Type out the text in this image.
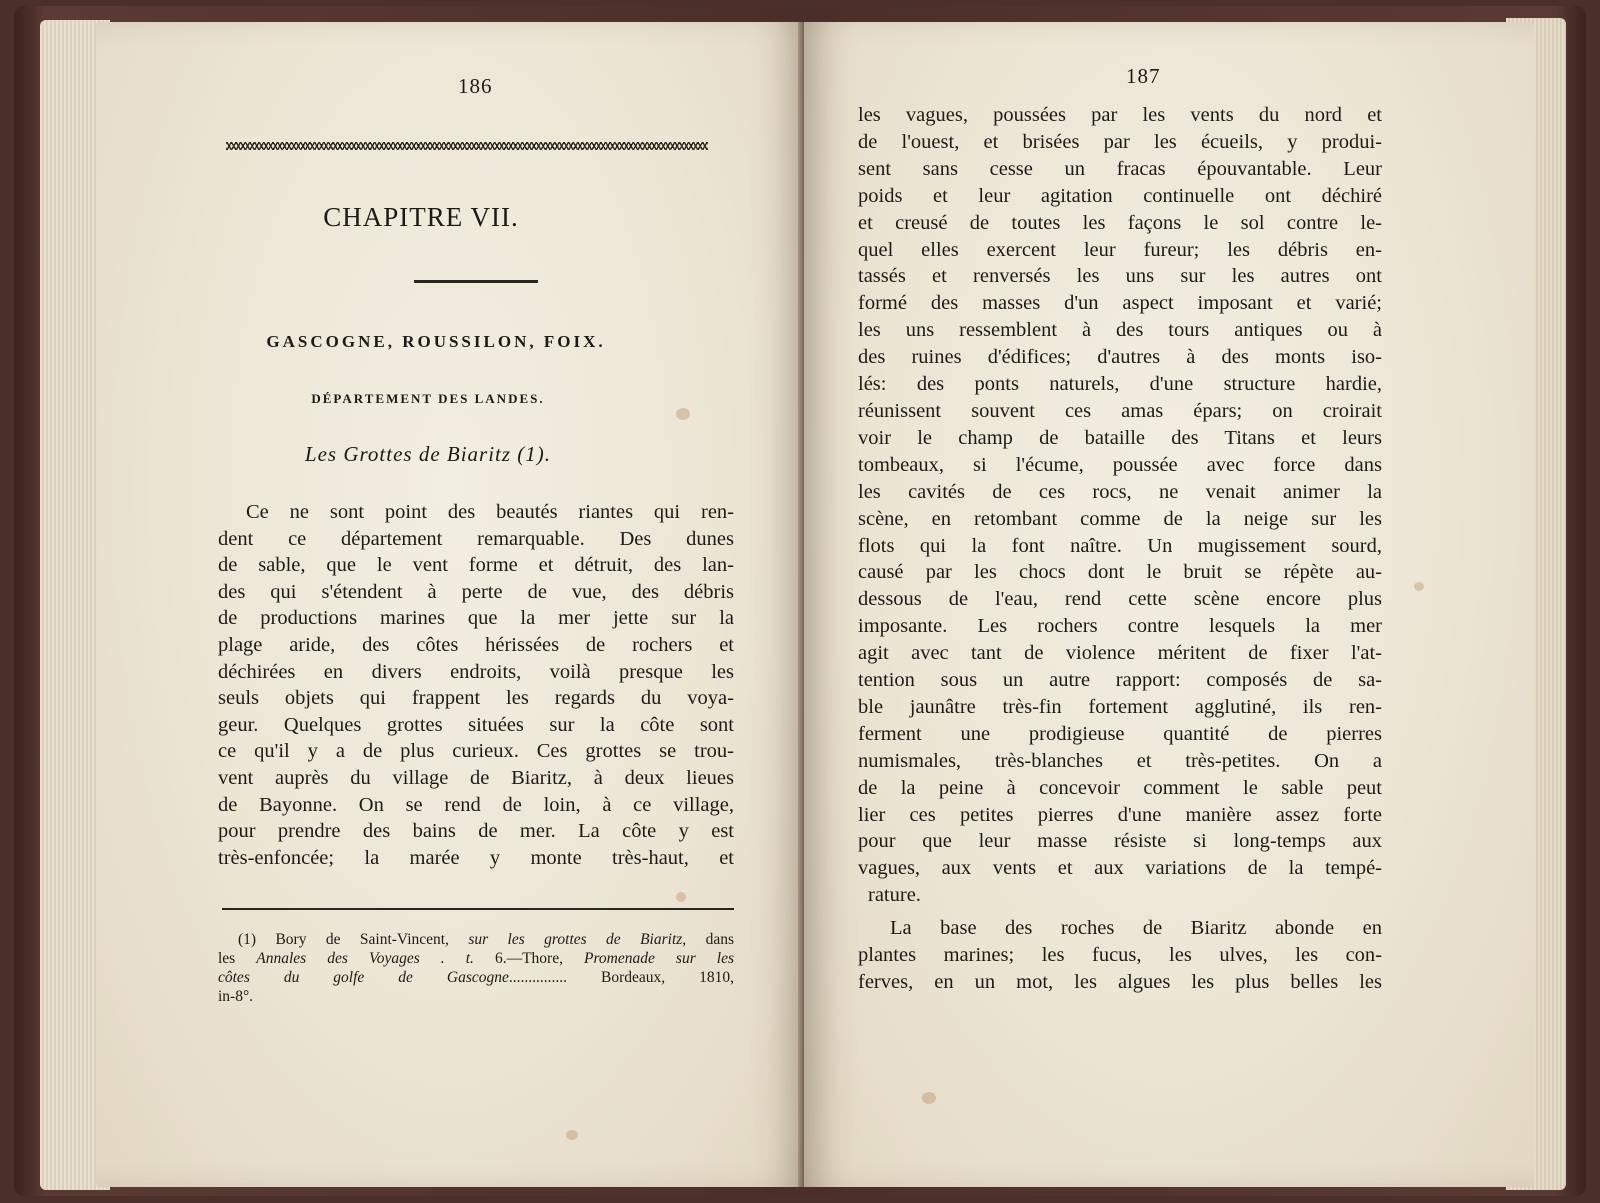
186
CHAPITRE VII.
GASCOGNE, ROUSSILON, FOIX.
DÉPARTEMENT DES LANDES.
Les Grottes de Biaritz (1).
Ce ne sont point des beautés riantes qui ren-
dent ce département remarquable. Des dunes
de sable, que le vent forme et détruit, des lan-
des qui s'étendent à perte de vue, des débris
de productions marines que la mer jette sur la
plage aride, des côtes hérissées de rochers et
déchirées en divers endroits, voilà presque les
seuls objets qui frappent les regards du voya-
geur. Quelques grottes situées sur la côte sont
ce qu'il y a de plus curieux. Ces grottes se trou-
vent auprès du village de Biaritz, à deux lieues
de Bayonne. On se rend de loin, à ce village,
pour prendre des bains de mer. La côte y est
très-enfoncée; la marée y monte très-haut, et
(1) Bory de Saint-Vincent, sur les grottes de Biaritz, dans
les Annales des Voyages . t. 6.—Thore, Promenade sur les
côtes du golfe de Gascogne............... Bordeaux, 1810,
in-8°.
187
les vagues, poussées par les vents du nord et
de l'ouest, et brisées par les écueils, y produi-
sent sans cesse un fracas épouvantable. Leur
poids et leur agitation continuelle ont déchiré
et creusé de toutes les façons le sol contre le-
quel elles exercent leur fureur; les débris en-
tassés et renversés les uns sur les autres ont
formé des masses d'un aspect imposant et varié;
les uns ressemblent à des tours antiques ou à
des ruines d'édifices; d'autres à des monts iso-
lés: des ponts naturels, d'une structure hardie,
réunissent souvent ces amas épars; on croirait
voir le champ de bataille des Titans et leurs
tombeaux, si l'écume, poussée avec force dans
les cavités de ces rocs, ne venait animer la
scène, en retombant comme de la neige sur les
flots qui la font naître. Un mugissement sourd,
causé par les chocs dont le bruit se répète au-
dessous de l'eau, rend cette scène encore plus
imposante. Les rochers contre lesquels la mer
agit avec tant de violence méritent de fixer l'at-
tention sous un autre rapport: composés de sa-
ble jaunâtre très-fin fortement agglutiné, ils ren-
ferment une prodigieuse quantité de pierres
numismales, très-blanches et très-petites. On a
de la peine à concevoir comment le sable peut
lier ces petites pierres d'une manière assez forte
pour que leur masse résiste si long-temps aux
vagues, aux vents et aux variations de la tempé-
rature.
La base des roches de Biaritz abonde en
plantes marines; les fucus, les ulves, les con-
ferves, en un mot, les algues les plus belles les
